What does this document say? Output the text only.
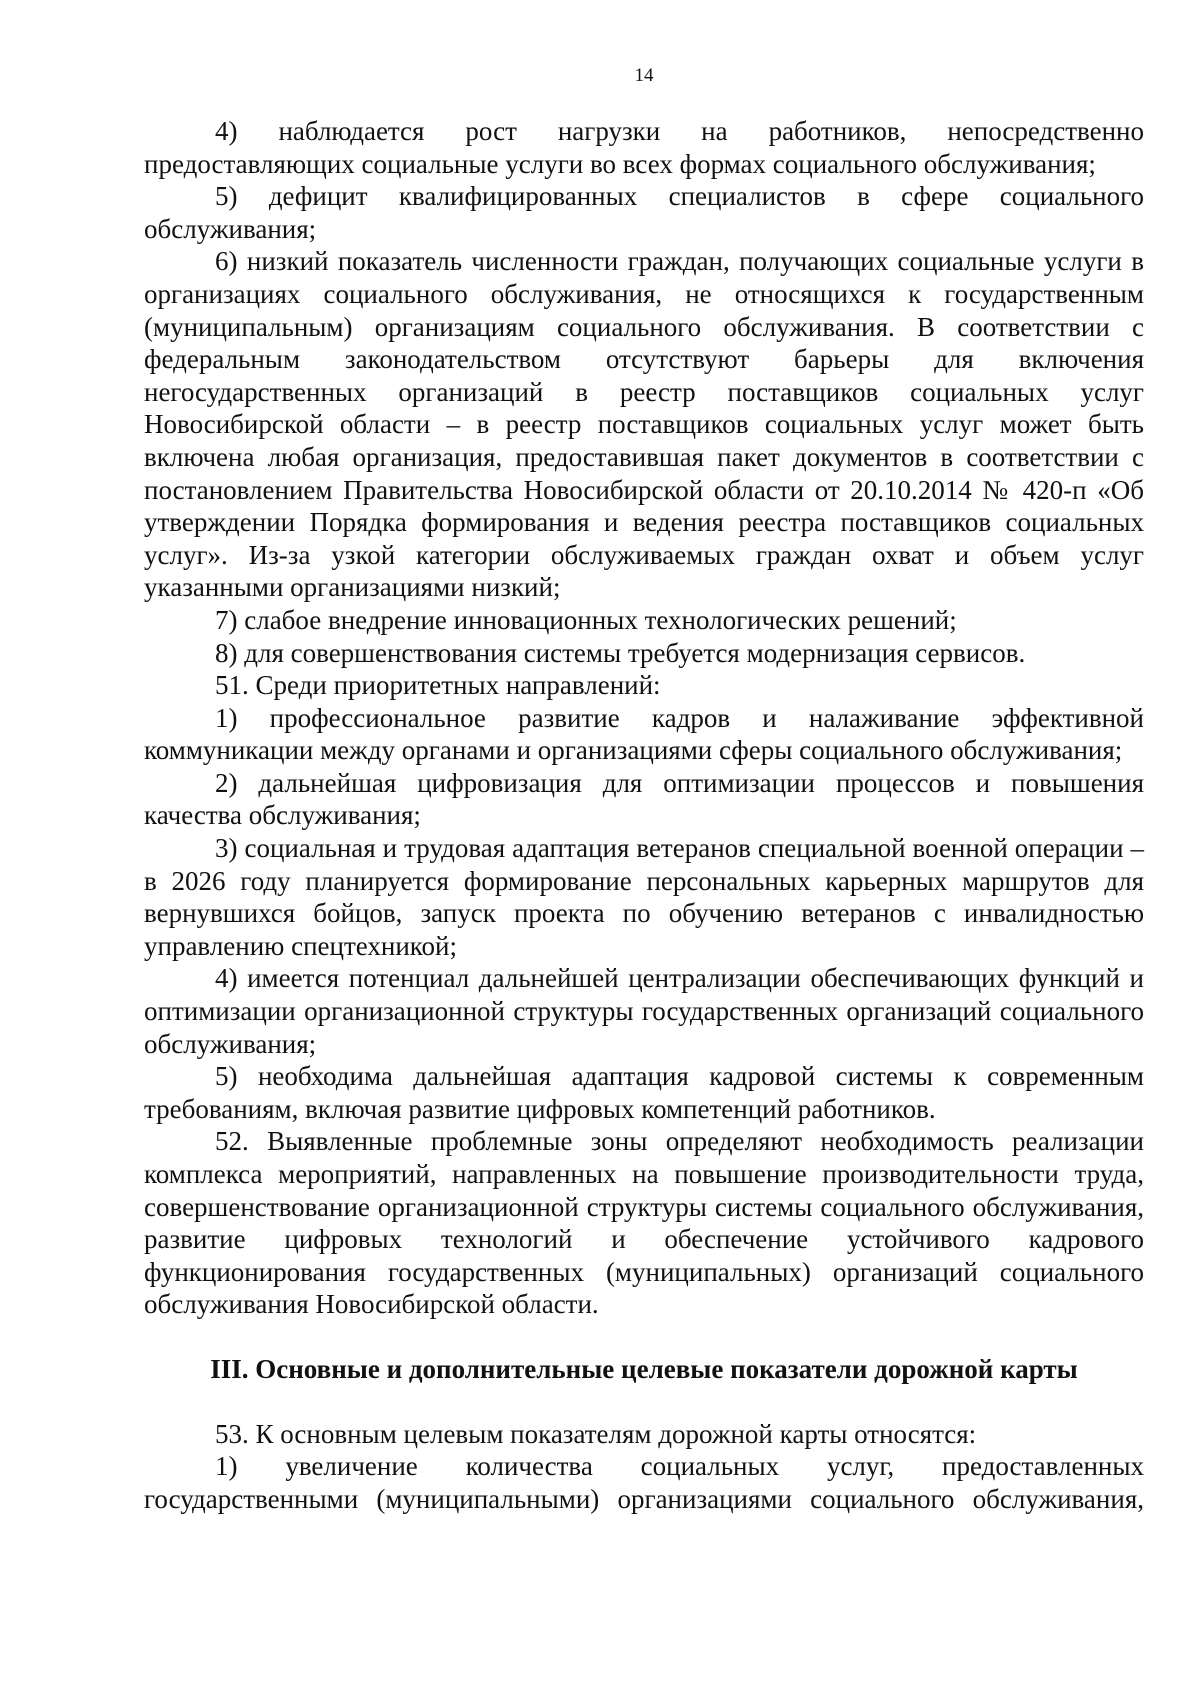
14

4) наблюдается рост нагрузки на работников, непосредственно предоставляющих социальные услуги во всех формах социального обслуживания;

5) дефицит квалифицированных специалистов в сфере социального обслуживания;

6) низкий показатель численности граждан, получающих социальные услуги в организациях социального обслуживания, не относящихся к государственным (муниципальным) организациям социального обслуживания. В соответствии с федеральным законодательством отсутствуют барьеры для включения негосударственных организаций в реестр поставщиков социальных услуг Новосибирской области – в реестр поставщиков социальных услуг может быть включена любая организация, предоставившая пакет документов в соответствии с постановлением Правительства Новосибирской области от 20.10.2014 № 420-п «Об утверждении Порядка формирования и ведения реестра поставщиков социальных услуг». Из-за узкой категории обслуживаемых граждан охват и объем услуг указанными организациями низкий;

7) слабое внедрение инновационных технологических решений;

8) для совершенствования системы требуется модернизация сервисов.

51. Среди приоритетных направлений:

1) профессиональное развитие кадров и налаживание эффективной коммуникации между органами и организациями сферы социального обслуживания;

2) дальнейшая цифровизация для оптимизации процессов и повышения качества обслуживания;

3) социальная и трудовая адаптация ветеранов специальной военной операции – в 2026 году планируется формирование персональных карьерных маршрутов для вернувшихся бойцов, запуск проекта по обучению ветеранов с инвалидностью управлению спецтехникой;

4) имеется потенциал дальнейшей централизации обеспечивающих функций и оптимизации организационной структуры государственных организаций социального обслуживания;

5) необходима дальнейшая адаптация кадровой системы к современным требованиям, включая развитие цифровых компетенций работников.

52. Выявленные проблемные зоны определяют необходимость реализации комплекса мероприятий, направленных на повышение производительности труда, совершенствование организационной структуры системы социального обслуживания, развитие цифровых технологий и обеспечение устойчивого кадрового функционирования государственных (муниципальных) организаций социального обслуживания Новосибирской области.

III. Основные и дополнительные целевые показатели дорожной карты

53. К основным целевым показателям дорожной карты относятся:

1) увеличение количества социальных услуг, предоставленных государственными (муниципальными) организациями социального обслуживания,
